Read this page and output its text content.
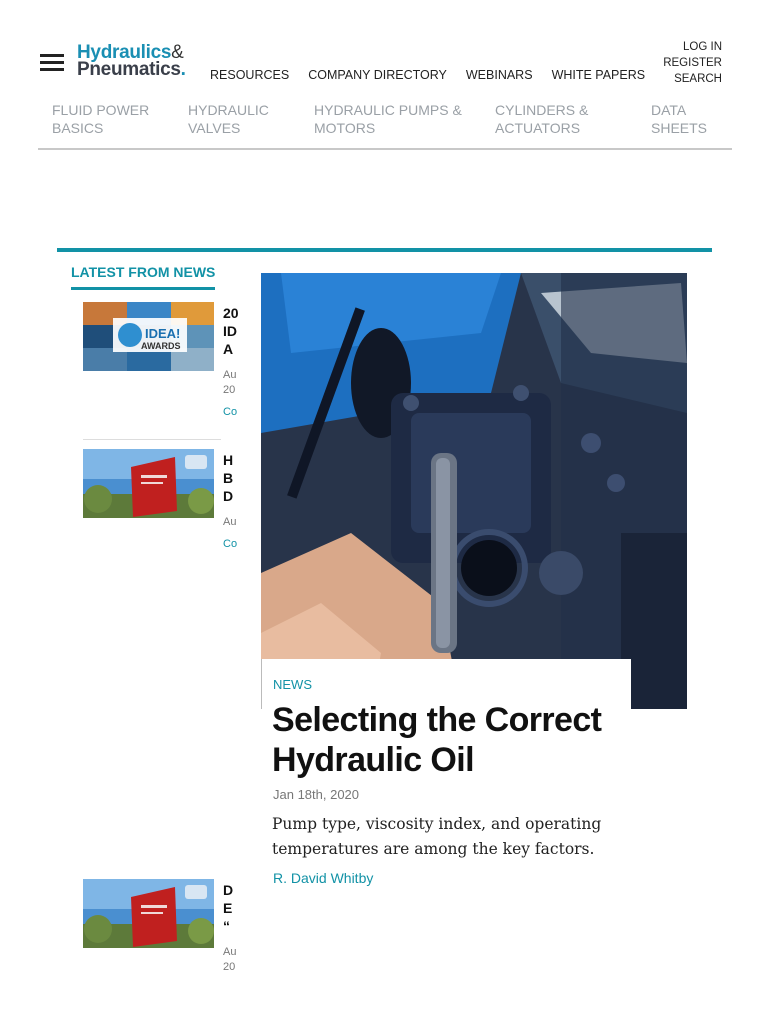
Hydraulics&
Pneumatics. RESOURCES COMPANY DIRECTORY WEBINARS WHITE PAPERS
LOG IN
REGISTER
SEARCH
FLUID POWER BASICS
HYDRAULIC VALVES
HYDRAULIC PUMPS & MOTORS
CYLINDERS & ACTUATORS
DATA SHEETS
LATEST FROM NEWS
IDEA!
AWARDS
20
ID
A
Au
20
Co
H
B
D
Au
Co
D
E
“
Au
20
NEWS
Selecting the Correct Hydraulic Oil
Jan 18th, 2020
Pump type, viscosity index, and operating temperatures are among the key factors.
R. David Whitby
